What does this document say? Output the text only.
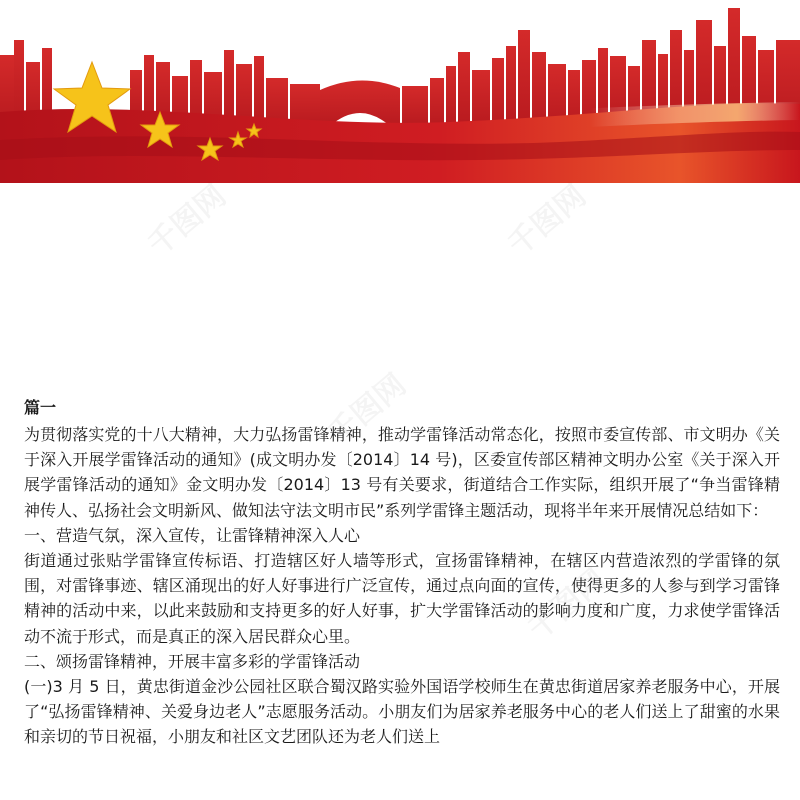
篇一

为贯彻落实党的十八大精神，大力弘扬雷锋精神，推动学雷锋活动常态化，按照市委宣传部、市文明办《关于深入开展学雷锋活动的通知》(成文明办发〔2014〕14 号)，区委宣传部区精神文明办公室《关于深入开展学雷锋活动的通知》金文明办发〔2014〕13 号有关要求，街道结合工作实际，组织开展了“争当雷锋精神传人、弘扬社会文明新风、做知法守法文明市民”系列学雷锋主题活动，现将半年来开展情况总结如下：

一、营造气氛，深入宣传，让雷锋精神深入人心

街道通过张贴学雷锋宣传标语、打造辖区好人墙等形式，宣扬雷锋精神，在辖区内营造浓烈的学雷锋的氛围，对雷锋事迹、辖区涌现出的好人好事进行广泛宣传，通过点向面的宣传，使得更多的人参与到学习雷锋精神的活动中来，以此来鼓励和支持更多的好人好事，扩大学雷锋活动的影响力度和广度，力求使学雷锋活动不流于形式，而是真正的深入居民群众心里。

二、颂扬雷锋精神，开展丰富多彩的学雷锋活动

(一)3 月 5 日，黄忠街道金沙公园社区联合蜀汉路实验外国语学校师生在黄忠街道居家养老服务中心，开展了“弘扬雷锋精神、关爱身边老人”志愿服务活动。小朋友们为居家养老服务中心的老人们送上了甜蜜的水果和亲切的节日祝福，小朋友和社区文艺团队还为老人们送上
